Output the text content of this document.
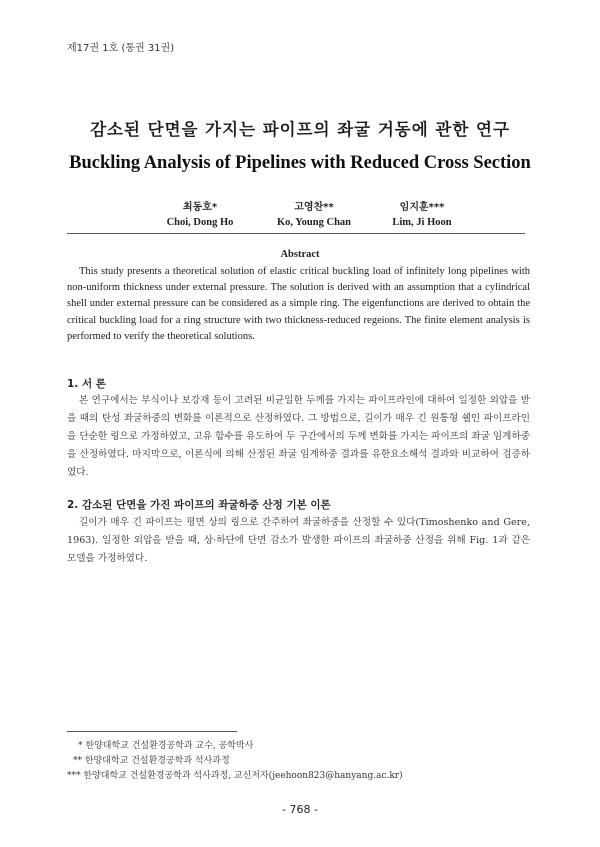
제17권 1호 (통권 31권)
감소된 단면을 가지는 파이프의 좌굴 거동에 관한 연구
Buckling Analysis of Pipelines with Reduced Cross Section
최동호*
Choi, Dong Ho
고영찬**
Ko, Young Chan
임지훈***
Lim, Ji Hoon
Abstract
This study presents a theoretical solution of elastic critical buckling load of infinitely long pipelines with non-uniform thickness under external pressure. The solution is derived with an assumption that a cylindrical shell under external pressure can be considered as a simple ring. The eigenfunctions are derived to obtain the critical buckling load for a ring structure with two thickness-reduced regeions. The finite element analysis is performed to verify the theoretical solutions.
1. 서 론
본 연구에서는 부식이나 보강재 등이 고려된 비균일한 두께를 가지는 파이프라인에 대하여 일정한 외압을 받을 때의 탄성 좌굴하중의 변화를 이론적으로 산정하였다. 그 방법으로, 길이가 매우 긴 원통형 쉘인 파이프라인을 단순한 링으로 가정하였고, 고유 함수를 유도하여 두 구간에서의 두께 변화를 가지는 파이프의 좌굴 임계하중을 산정하였다. 마지막으로, 이론식에 의해 산정된 좌굴 임계하중 결과를 유한요소해석 결과와 비교하여 검증하였다.
2. 감소된 단면을 가진 파이프의 좌굴하중 산정 기본 이론
길이가 매우 긴 파이프는 평면 상의 링으로 간주하여 좌굴하중을 산정할 수 있다(Timoshenko and Gere, 1963). 일정한 외압을 받을 때, 상·하단에 단면 감소가 발생한 파이프의 좌굴하중 산정을 위해 Fig. 1과 같은 모델을 가정하였다.
* 한양대학교 건설환경공학과 교수, 공학박사
** 한양대학교 건설환경공학과 석사과정
*** 한양대학교 건설환경공학과 석사과정, 교신저자(jeehoon823@hanyang.ac.kr)
- 768 -
